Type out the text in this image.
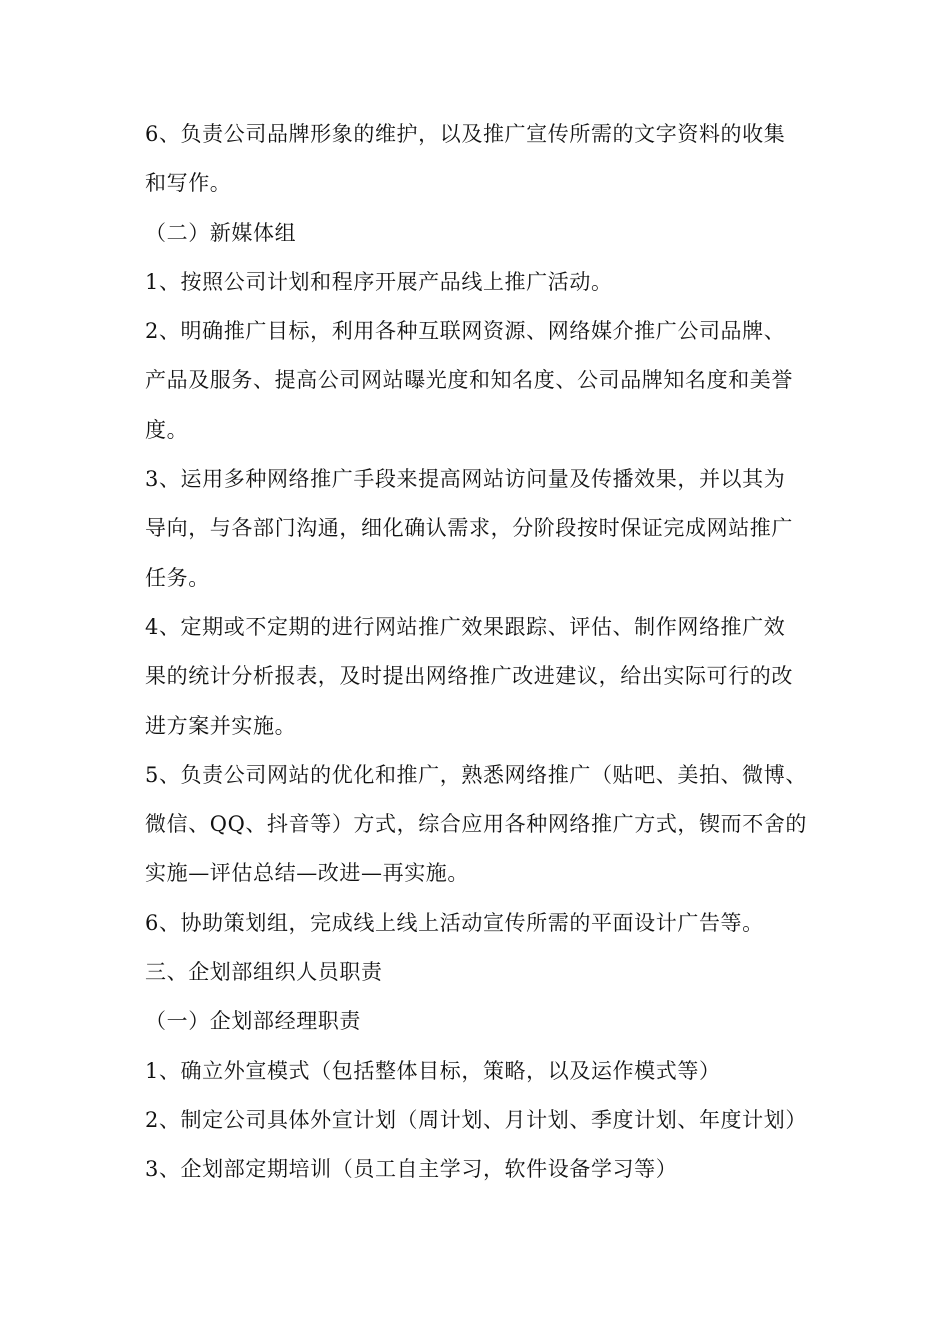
6、负责公司品牌形象的维护，以及推广宣传所需的文字资料的收集
和写作。
（二）新媒体组
1、按照公司计划和程序开展产品线上推广活动。
2、明确推广目标，利用各种互联网资源、网络媒介推广公司品牌、
产品及服务、提高公司网站曝光度和知名度、公司品牌知名度和美誉
度。
3、运用多种网络推广手段来提高网站访问量及传播效果，并以其为
导向，与各部门沟通，细化确认需求，分阶段按时保证完成网站推广
任务。
4、定期或不定期的进行网站推广效果跟踪、评估、制作网络推广效
果的统计分析报表，及时提出网络推广改进建议，给出实际可行的改
进方案并实施。
5、负责公司网站的优化和推广，熟悉网络推广（贴吧、美拍、微博、
微信、QQ、抖音等）方式，综合应用各种网络推广方式，锲而不舍的
实施—评估总结—改进—再实施。
6、协助策划组，完成线上线上活动宣传所需的平面设计广告等。
三、企划部组织人员职责
（一）企划部经理职责
1、确立外宣模式（包括整体目标，策略，以及运作模式等）
2、制定公司具体外宣计划（周计划、月计划、季度计划、年度计划）
3、企划部定期培训（员工自主学习，软件设备学习等）
